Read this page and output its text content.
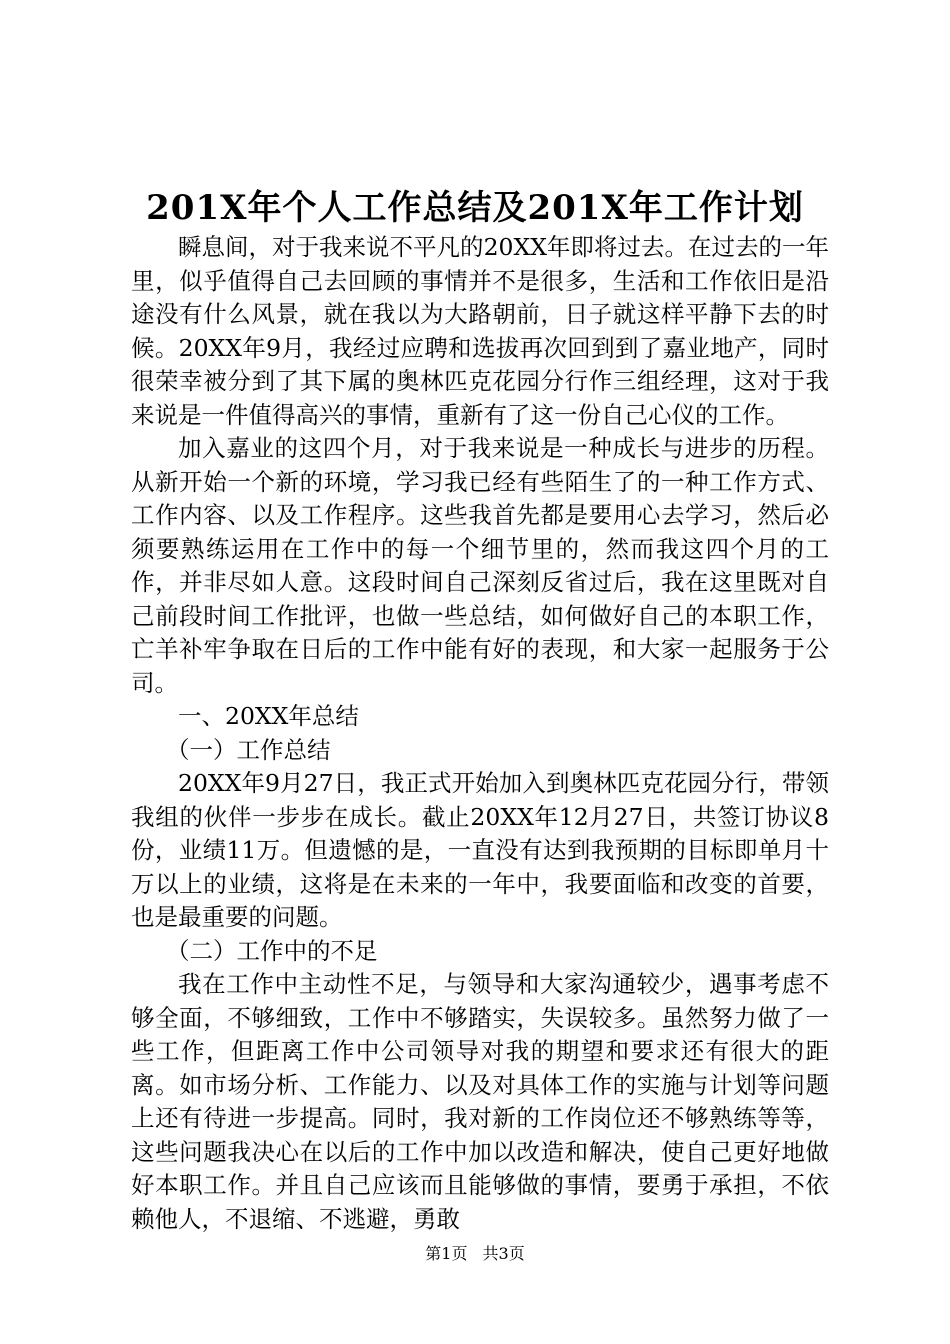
201X年个人工作总结及201X年工作计划

瞬息间，对于我来说不平凡的20XX年即将过去。在过去的一年里，似乎值得自己去回顾的事情并不是很多，生活和工作依旧是沿途没有什么风景，就在我以为大路朝前，日子就这样平静下去的时候。20XX年9月，我经过应聘和选拔再次回到到了嘉业地产，同时很荣幸被分到了其下属的奥林匹克花园分行作三组经理，这对于我来说是一件值得高兴的事情，重新有了这一份自己心仪的工作。

加入嘉业的这四个月，对于我来说是一种成长与进步的历程。从新开始一个新的环境，学习我已经有些陌生了的一种工作方式、工作内容、以及工作程序。这些我首先都是要用心去学习，然后必须要熟练运用在工作中的每一个细节里的，然而我这四个月的工作，并非尽如人意。这段时间自己深刻反省过后，我在这里既对自己前段时间工作批评，也做一些总结，如何做好自己的本职工作，亡羊补牢争取在日后的工作中能有好的表现，和大家一起服务于公司。

一、20XX年总结

（一）工作总结

20XX年9月27日，我正式开始加入到奥林匹克花园分行，带领我组的伙伴一步步在成长。截止20XX年12月27日，共签订协议8份，业绩11万。但遗憾的是，一直没有达到我预期的目标即单月十万以上的业绩，这将是在未来的一年中，我要面临和改变的首要，也是最重要的问题。

（二）工作中的不足

我在工作中主动性不足，与领导和大家沟通较少，遇事考虑不够全面，不够细致，工作中不够踏实，失误较多。虽然努力做了一些工作，但距离工作中公司领导对我的期望和要求还有很大的距离。如市场分析、工作能力、以及对具体工作的实施与计划等问题上还有待进一步提高。同时，我对新的工作岗位还不够熟练等等，这些问题我决心在以后的工作中加以改造和解决，使自己更好地做好本职工作。并且自己应该而且能够做的事情，要勇于承担，不依赖他人，不退缩、不逃避，勇敢

第1页 共3页
